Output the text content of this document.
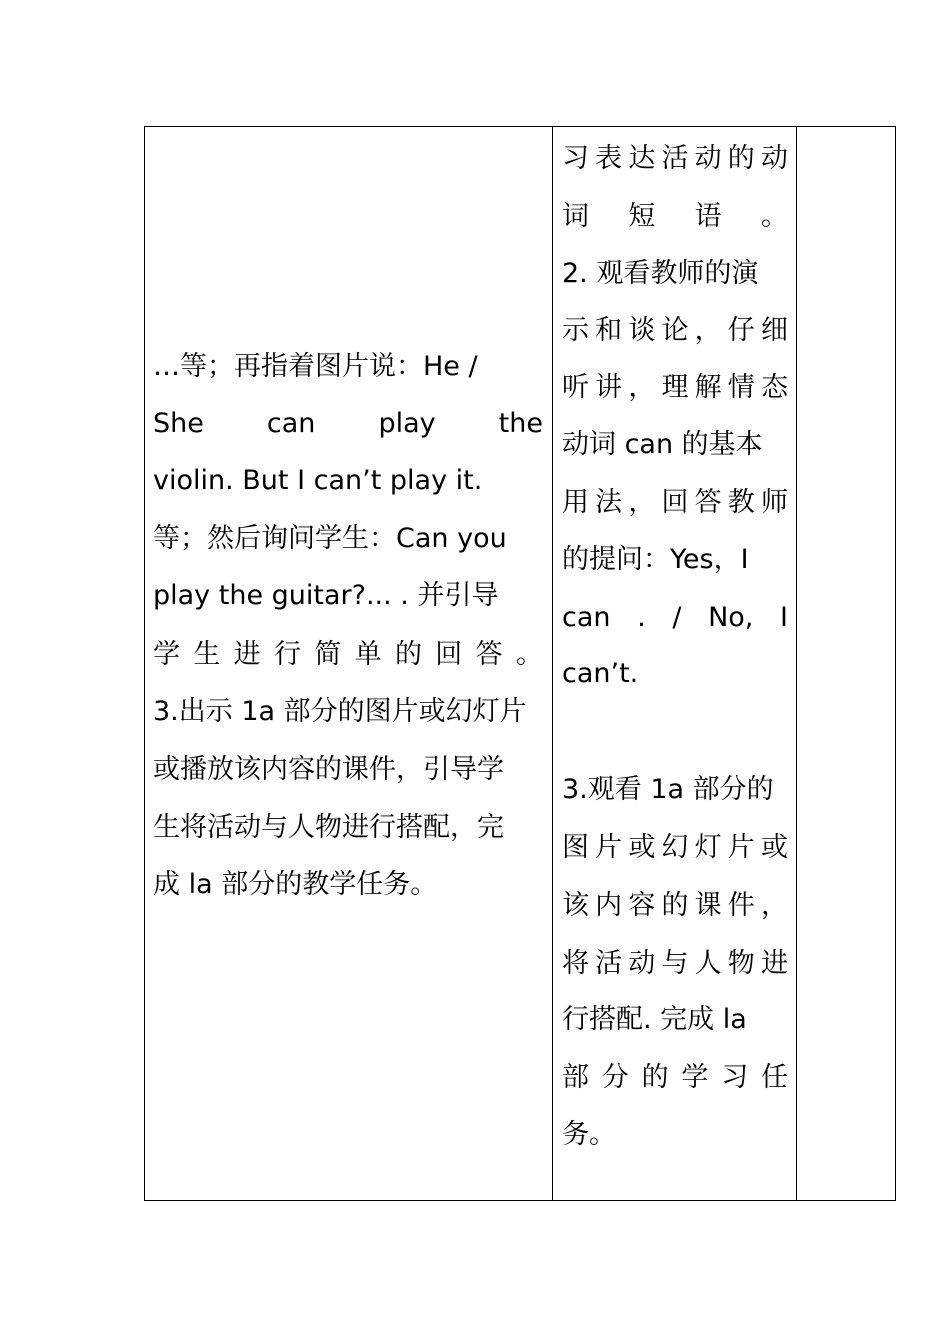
…等；再指着图片说：He /
She can play the
violin. But I can’t play it.
等；然后询问学生：Can you
play the guitar?... . 并引导
学 生 进 行 简 单 的 回 答 。
3.出示 1a 部分的图片或幻灯片
或播放该内容的课件，引导学
生将活动与人物进行搭配，完
成 la 部分的教学任务。
习 表 达 活 动 的 动
词 短 语 。
2. 观看教师的演
示 和 谈 论 ， 仔 细
听 讲 ， 理 解 情 态
动词 can 的基本
用 法 ， 回 答 教 师
的提问：Yes，I
can . / No, I
can’t.
3.观看 1a 部分的
图 片 或 幻 灯 片 或
该 内 容 的 课 件 ，
将 活 动 与 人 物 进
行搭配. 完成 la
部 分 的 学 习 任
务。
